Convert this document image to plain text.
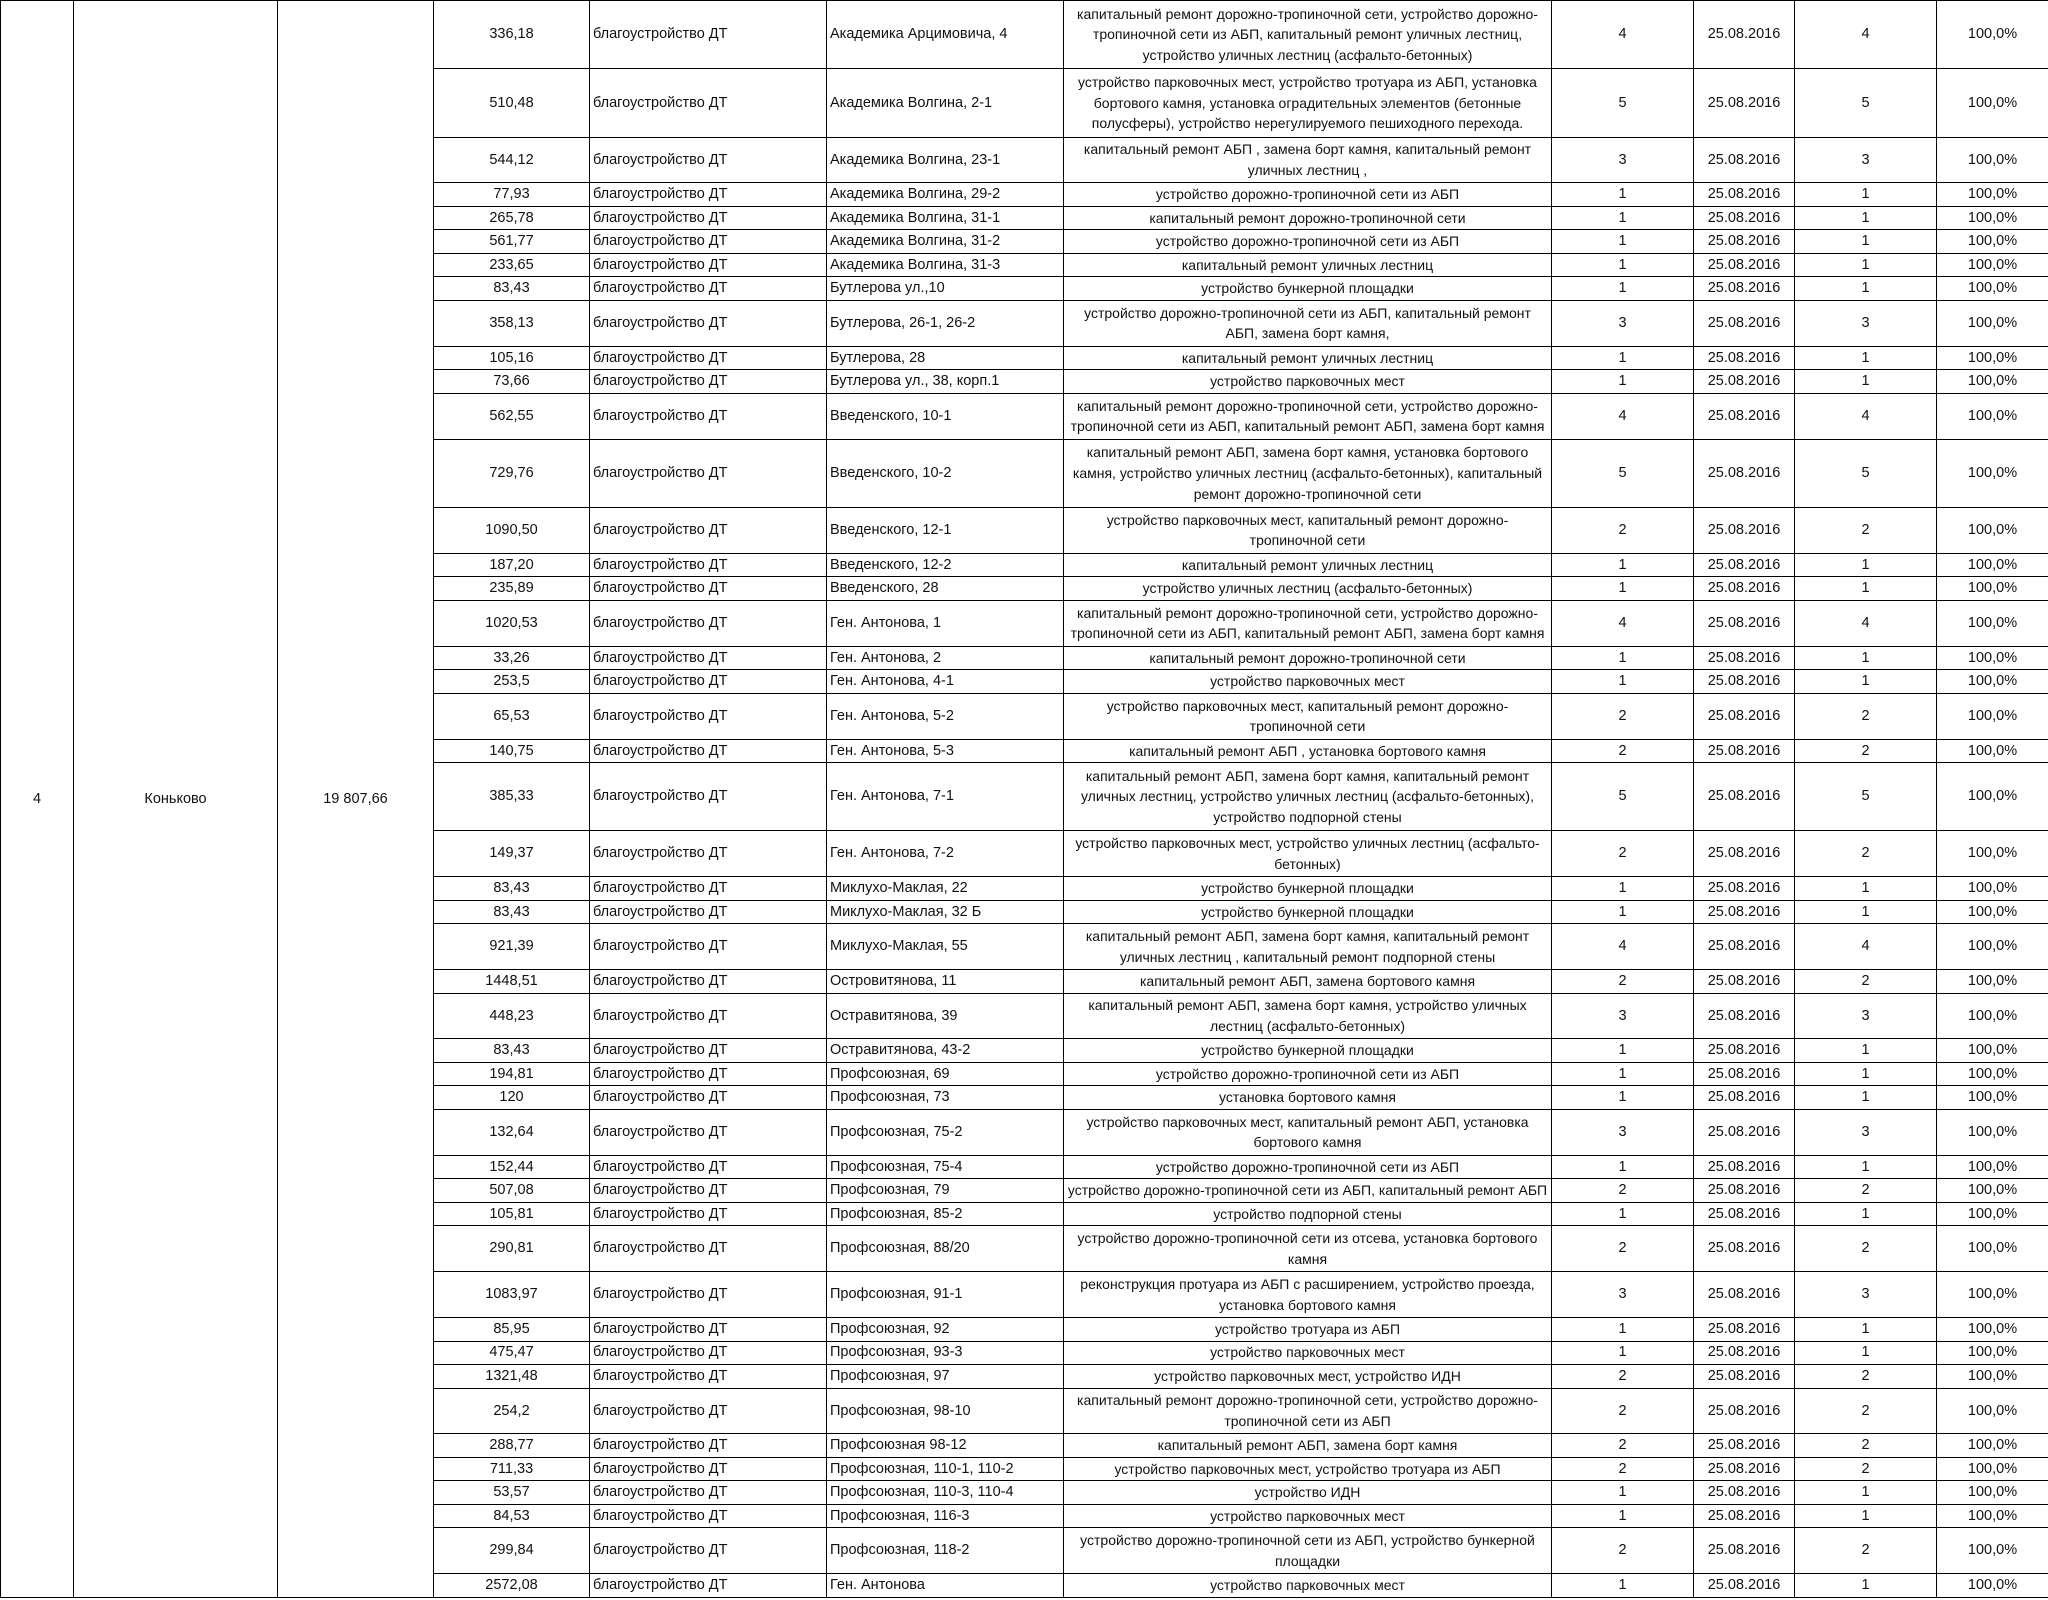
4	Коньково	19 807,66	336,18	благоустройство ДТ	Академика Арцимовича, 4	капитальный ремонт дорожно-тропиночной сети, устройство дорожно-тропиночной сети из АБП, капитальный ремонт уличных лестниц, устройство уличных лестниц (асфальто-бетонных)	4	25.08.2016	4	100,0%
			510,48	благоустройство ДТ	Академика Волгина, 2-1	устройство парковочных мест, устройство тротуара из АБП, установка бортового камня, установка оградительных элементов (бетонные полусферы), устройство нерегулируемого пешиходного перехода.	5	25.08.2016	5	100,0%
			544,12	благоустройство ДТ	Академика Волгина, 23-1	капитальный ремонт АБП , замена борт камня, капитальный ремонт уличных лестниц ,	3	25.08.2016	3	100,0%
			77,93	благоустройство ДТ	Академика Волгина, 29-2	устройство дорожно-тропиночной сети из АБП	1	25.08.2016	1	100,0%
			265,78	благоустройство ДТ	Академика Волгина, 31-1	капитальный ремонт дорожно-тропиночной сети	1	25.08.2016	1	100,0%
			561,77	благоустройство ДТ	Академика Волгина, 31-2	устройство дорожно-тропиночной сети из АБП	1	25.08.2016	1	100,0%
			233,65	благоустройство ДТ	Академика Волгина, 31-3	капитальный ремонт уличных лестниц	1	25.08.2016	1	100,0%
			83,43	благоустройство ДТ	Бутлерова ул.,10	устройство бункерной площадки	1	25.08.2016	1	100,0%
			358,13	благоустройство ДТ	Бутлерова, 26-1, 26-2	устройство дорожно-тропиночной сети из АБП, капитальный ремонт АБП, замена борт камня,	3	25.08.2016	3	100,0%
			105,16	благоустройство ДТ	Бутлерова, 28	капитальный ремонт уличных лестниц	1	25.08.2016	1	100,0%
			73,66	благоустройство ДТ	Бутлерова ул., 38, корп.1	устройство парковочных мест	1	25.08.2016	1	100,0%
			562,55	благоустройство ДТ	Введенского, 10-1	капитальный ремонт дорожно-тропиночной сети, устройство дорожно-тропиночной сети из АБП, капитальный ремонт АБП, замена борт камня	4	25.08.2016	4	100,0%
			729,76	благоустройство ДТ	Введенского, 10-2	капитальный ремонт АБП, замена борт камня, установка бортового камня, устройство уличных лестниц (асфальто-бетонных), капитальный ремонт дорожно-тропиночной сети	5	25.08.2016	5	100,0%
			1090,50	благоустройство ДТ	Введенского, 12-1	устройство парковочных мест, капитальный ремонт дорожно-тропиночной сети	2	25.08.2016	2	100,0%
			187,20	благоустройство ДТ	Введенского, 12-2	капитальный ремонт уличных лестниц	1	25.08.2016	1	100,0%
			235,89	благоустройство ДТ	Введенского, 28	устройство уличных лестниц (асфальто-бетонных)	1	25.08.2016	1	100,0%
			1020,53	благоустройство ДТ	Ген. Антонова, 1	капитальный ремонт дорожно-тропиночной сети, устройство дорожно-тропиночной сети из АБП, капитальный ремонт АБП, замена борт камня	4	25.08.2016	4	100,0%
			33,26	благоустройство ДТ	Ген. Антонова, 2	капитальный ремонт дорожно-тропиночной сети	1	25.08.2016	1	100,0%
			253,5	благоустройство ДТ	Ген. Антонова, 4-1	устройство парковочных мест	1	25.08.2016	1	100,0%
			65,53	благоустройство ДТ	Ген. Антонова, 5-2	устройство парковочных мест, капитальный ремонт дорожно-тропиночной сети	2	25.08.2016	2	100,0%
			140,75	благоустройство ДТ	Ген. Антонова, 5-3	капитальный ремонт АБП , установка бортового камня	2	25.08.2016	2	100,0%
			385,33	благоустройство ДТ	Ген. Антонова, 7-1	капитальный ремонт АБП, замена борт камня, капитальный ремонт уличных лестниц, устройство уличных лестниц (асфальто-бетонных), устройство подпорной стены	5	25.08.2016	5	100,0%
			149,37	благоустройство ДТ	Ген. Антонова, 7-2	устройство парковочных мест, устройство уличных лестниц (асфальто-бетонных)	2	25.08.2016	2	100,0%
			83,43	благоустройство ДТ	Миклухо-Маклая, 22	устройство бункерной площадки	1	25.08.2016	1	100,0%
			83,43	благоустройство ДТ	Миклухо-Маклая, 32 Б	устройство бункерной площадки	1	25.08.2016	1	100,0%
			921,39	благоустройство ДТ	Миклухо-Маклая, 55	капитальный ремонт АБП, замена борт камня, капитальный ремонт уличных лестниц , капитальный ремонт подпорной стены	4	25.08.2016	4	100,0%
			1448,51	благоустройство ДТ	Островитянова, 11	капитальный ремонт АБП, замена бортового камня	2	25.08.2016	2	100,0%
			448,23	благоустройство ДТ	Остравитянова, 39	капитальный ремонт АБП, замена борт камня, устройство уличных лестниц (асфальто-бетонных)	3	25.08.2016	3	100,0%
			83,43	благоустройство ДТ	Остравитянова, 43-2	устройство бункерной площадки	1	25.08.2016	1	100,0%
			194,81	благоустройство ДТ	Профсоюзная, 69	устройство дорожно-тропиночной сети из АБП	1	25.08.2016	1	100,0%
			120	благоустройство ДТ	Профсоюзная, 73	установка бортового камня	1	25.08.2016	1	100,0%
			132,64	благоустройство ДТ	Профсоюзная, 75-2	устройство парковочных мест, капитальный ремонт АБП, установка бортового камня	3	25.08.2016	3	100,0%
			152,44	благоустройство ДТ	Профсоюзная, 75-4	устройство дорожно-тропиночной сети из АБП	1	25.08.2016	1	100,0%
			507,08	благоустройство ДТ	Профсоюзная, 79	устройство дорожно-тропиночной сети из АБП, капитальный ремонт АБП	2	25.08.2016	2	100,0%
			105,81	благоустройство ДТ	Профсоюзная, 85-2	устройство подпорной стены	1	25.08.2016	1	100,0%
			290,81	благоустройство ДТ	Профсоюзная, 88/20	устройство дорожно-тропиночной сети из отсева, установка бортового камня	2	25.08.2016	2	100,0%
			1083,97	благоустройство ДТ	Профсоюзная, 91-1	реконструкция протуара из АБП с расширением, устройство проезда, установка бортового камня	3	25.08.2016	3	100,0%
			85,95	благоустройство ДТ	Профсоюзная, 92	устройство тротуара из АБП	1	25.08.2016	1	100,0%
			475,47	благоустройство ДТ	Профсоюзная, 93-3	устройство парковочных мест	1	25.08.2016	1	100,0%
			1321,48	благоустройство ДТ	Профсоюзная, 97	устройство парковочных мест, устройство ИДН	2	25.08.2016	2	100,0%
			254,2	благоустройство ДТ	Профсоюзная, 98-10	капитальный ремонт дорожно-тропиночной сети, устройство дорожно-тропиночной сети из АБП	2	25.08.2016	2	100,0%
			288,77	благоустройство ДТ	Профсоюзная 98-12	капитальный ремонт АБП, замена борт камня	2	25.08.2016	2	100,0%
			711,33	благоустройство ДТ	Профсоюзная, 110-1, 110-2	устройство парковочных мест, устройство тротуара из АБП	2	25.08.2016	2	100,0%
			53,57	благоустройство ДТ	Профсоюзная, 110-3, 110-4	устройство ИДН	1	25.08.2016	1	100,0%
			84,53	благоустройство ДТ	Профсоюзная, 116-3	устройство парковочных мест	1	25.08.2016	1	100,0%
			299,84	благоустройство ДТ	Профсоюзная, 118-2	устройство дорожно-тропиночной сети из АБП, устройство бункерной площадки	2	25.08.2016	2	100,0%
			2572,08	благоустройство ДТ	Ген. Антонова	устройство парковочных мест	1	25.08.2016	1	100,0%
